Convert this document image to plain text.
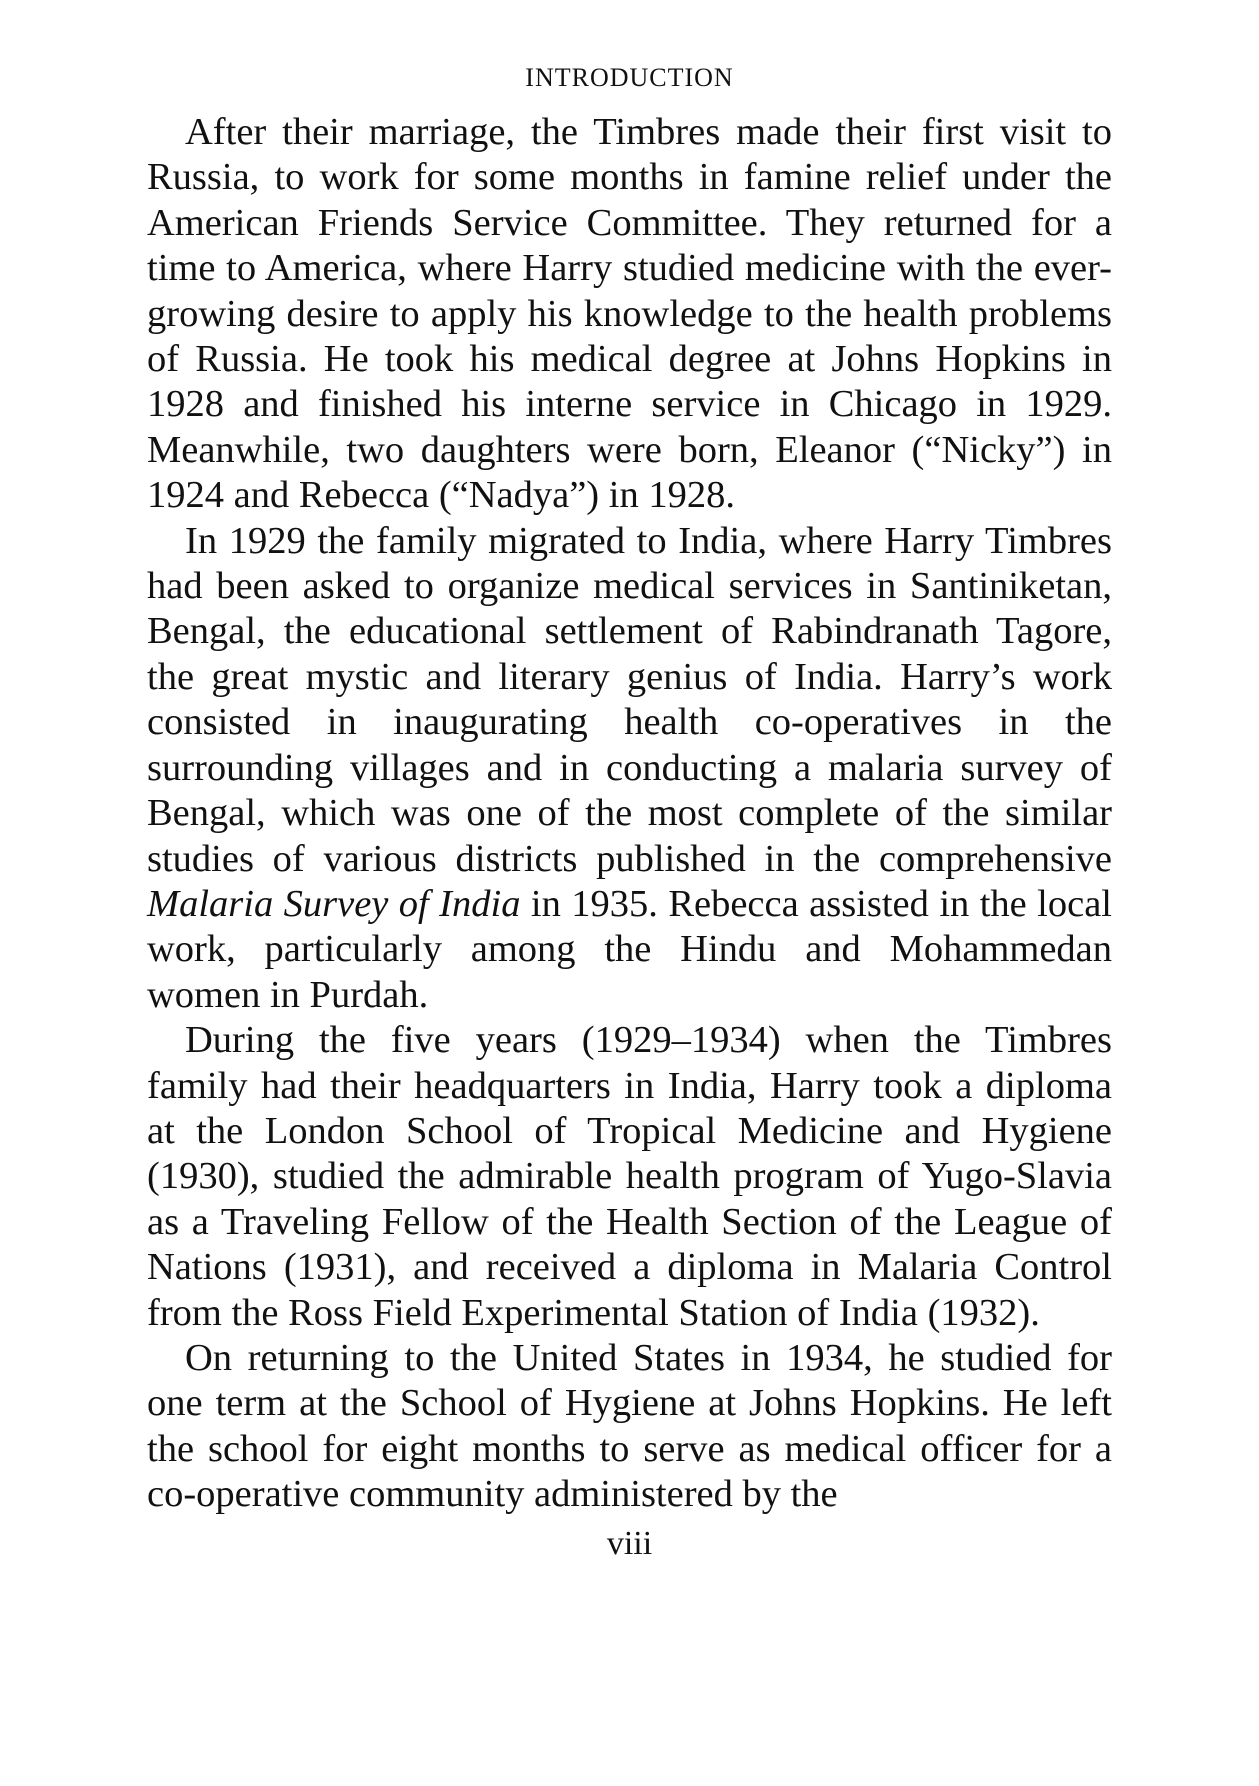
INTRODUCTION

After their marriage, the Timbres made their first visit to Russia, to work for some months in famine relief under the American Friends Service Committee. They returned for a time to America, where Harry studied medicine with the ever-growing desire to apply his knowledge to the health problems of Russia. He took his medical degree at Johns Hopkins in 1928 and finished his interne service in Chicago in 1929. Meanwhile, two daughters were born, Eleanor (“Nicky”) in 1924 and Rebecca (“Nadya”) in 1928.

In 1929 the family migrated to India, where Harry Timbres had been asked to organize medical services in Santiniketan, Bengal, the educational settlement of Rabindranath Tagore, the great mystic and literary genius of India. Harry’s work consisted in inaugurating health co-operatives in the surrounding villages and in conducting a malaria survey of Bengal, which was one of the most complete of the similar studies of various districts published in the comprehensive Malaria Survey of India in 1935. Rebecca assisted in the local work, particularly among the Hindu and Mohammedan women in Purdah.

During the five years (1929–1934) when the Timbres family had their headquarters in India, Harry took a diploma at the London School of Tropical Medicine and Hygiene (1930), studied the admirable health program of Yugo-Slavia as a Traveling Fellow of the Health Section of the League of Nations (1931), and received a diploma in Malaria Control from the Ross Field Experimental Station of India (1932).

On returning to the United States in 1934, he studied for one term at the School of Hygiene at Johns Hopkins. He left the school for eight months to serve as medical officer for a co-operative community administered by the

viii
